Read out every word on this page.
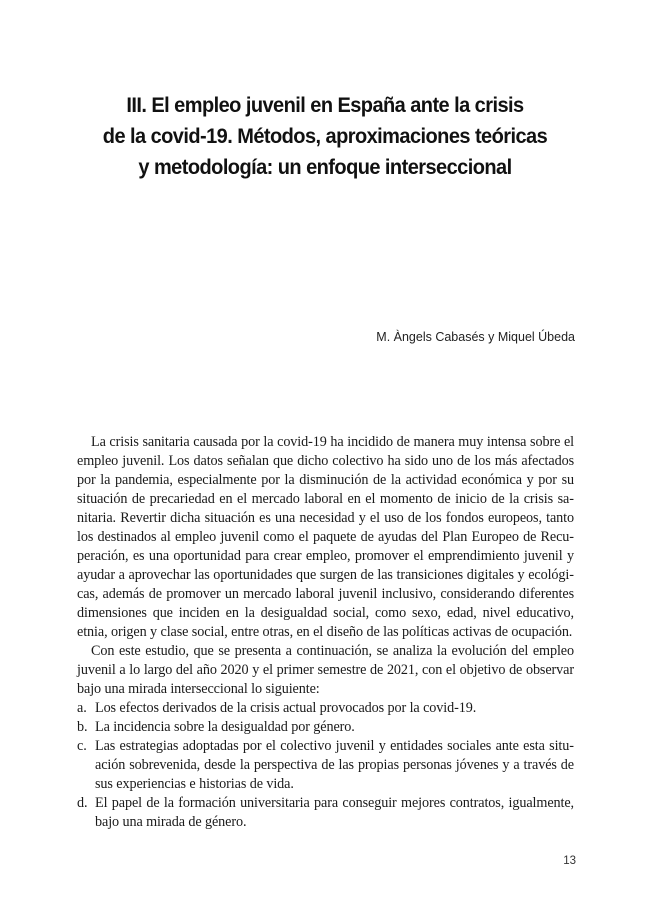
III. El empleo juvenil en España ante la crisis
de la covid-19. Métodos, aproximaciones teóricas
y metodología: un enfoque interseccional
M. Àngels Cabasés y Miquel Úbeda

La crisis sanitaria causada por la covid-19 ha incidido de manera muy intensa sobre el empleo juvenil. Los datos señalan que dicho colectivo ha sido uno de los más afectados por la pandemia, especialmente por la disminución de la actividad económica y por su situación de precariedad en el mercado laboral en el momento de inicio de la crisis sanitaria. Revertir dicha situación es una necesidad y el uso de los fondos europeos, tanto los destinados al empleo juvenil como el paquete de ayudas del Plan Europeo de Recuperación, es una oportunidad para crear empleo, promover el emprendimiento juvenil y ayudar a aprovechar las oportunidades que surgen de las transiciones digitales y ecológicas, además de promover un mercado laboral juvenil inclusivo, considerando diferentes dimensiones que inciden en la desigualdad social, como sexo, edad, nivel educativo, etnia, origen y clase social, entre otras, en el diseño de las políticas activas de ocupación.

Con este estudio, que se presenta a continuación, se analiza la evolución del empleo juvenil a lo largo del año 2020 y el primer semestre de 2021, con el objetivo de observar bajo una mirada interseccional lo siguiente:

a. Los efectos derivados de la crisis actual provocados por la covid-19.
b. La incidencia sobre la desigualdad por género.
c. Las estrategias adoptadas por el colectivo juvenil y entidades sociales ante esta situación sobrevenida, desde la perspectiva de las propias personas jóvenes y a través de sus experiencias e historias de vida.
d. El papel de la formación universitaria para conseguir mejores contratos, igualmente, bajo una mirada de género.
13
